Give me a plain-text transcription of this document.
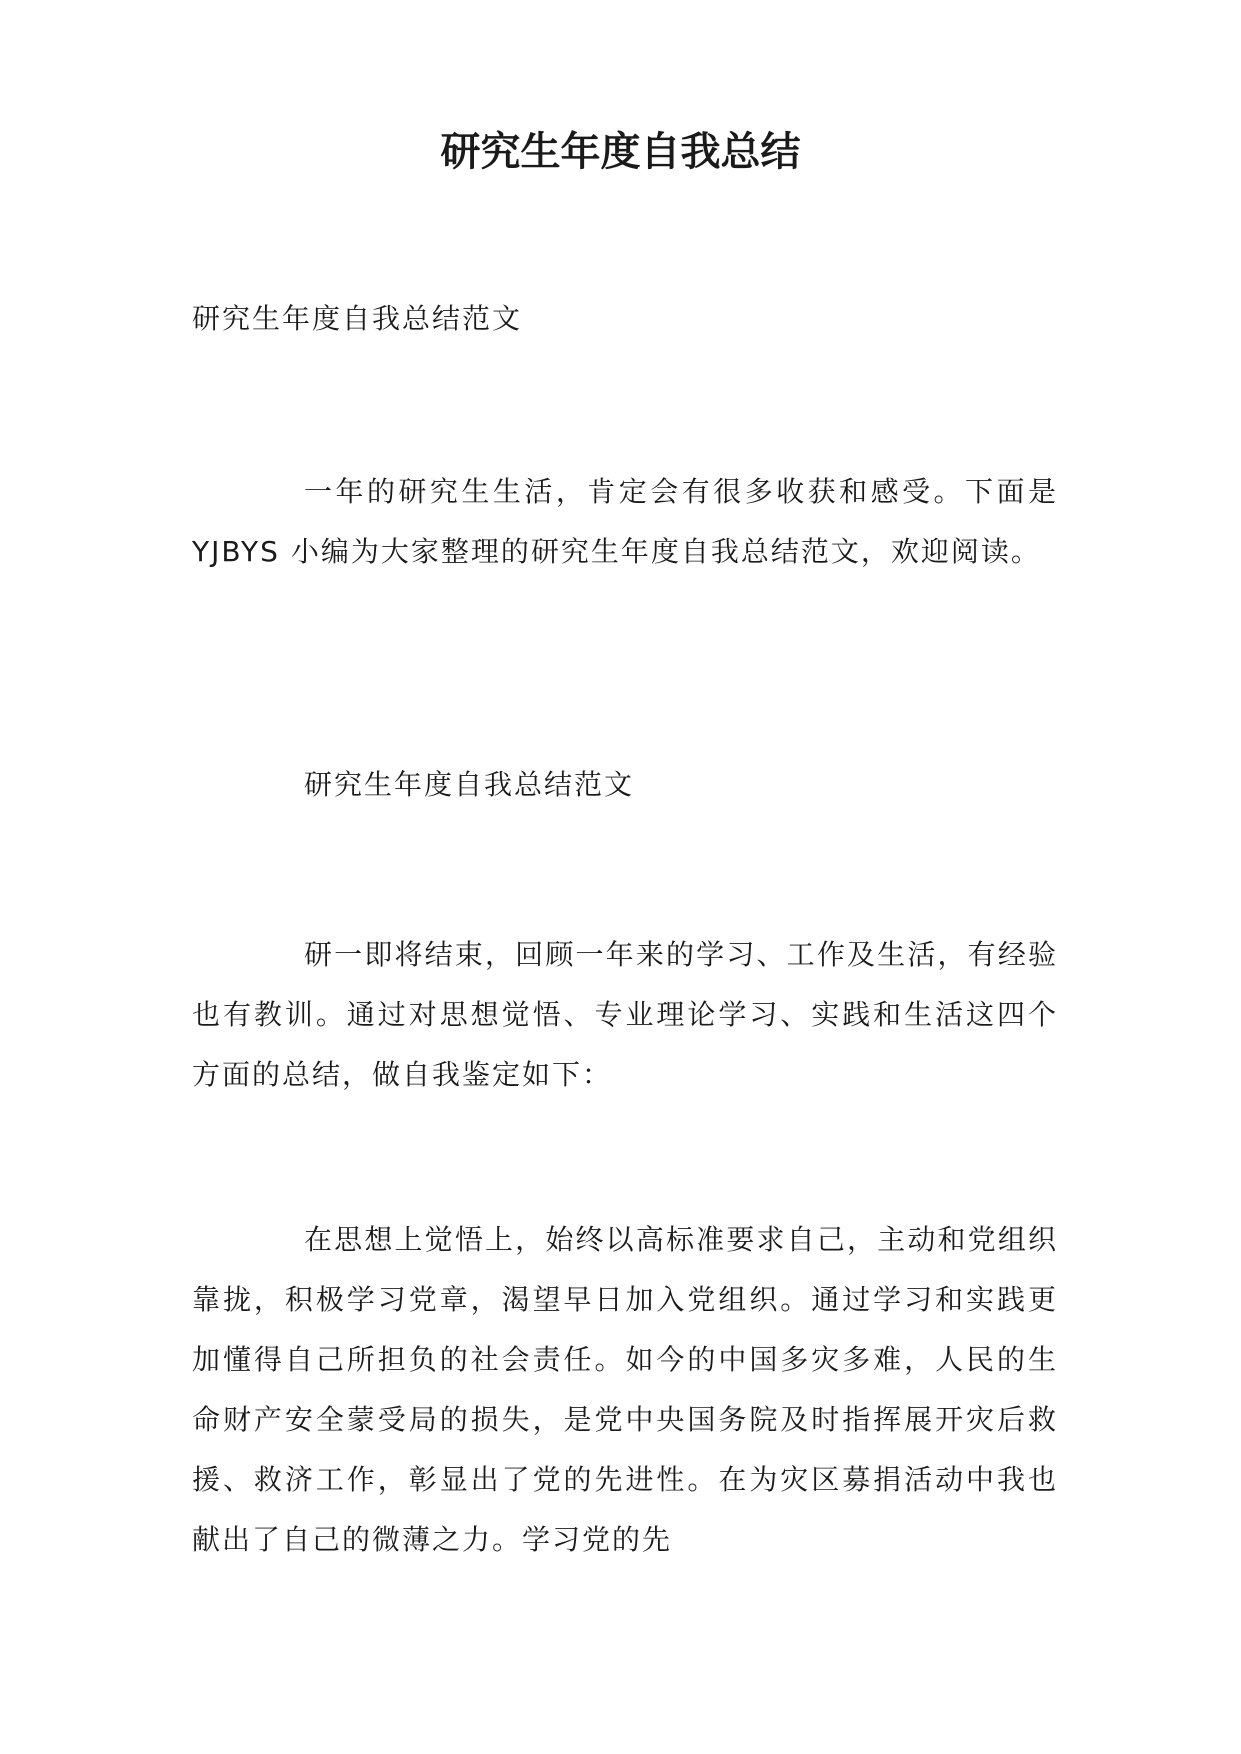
研究生年度自我总结

研究生年度自我总结范文

一年的研究生生活，肯定会有很多收获和感受。下面是 YJBYS 小编为大家整理的研究生年度自我总结范文，欢迎阅读。

研究生年度自我总结范文

研一即将结束，回顾一年来的学习、工作及生活，有经验也有教训。通过对思想觉悟、专业理论学习、实践和生活这四个方面的总结，做自我鉴定如下：

在思想上觉悟上，始终以高标准要求自己，主动和党组织靠拢，积极学习党章，渴望早日加入党组织。通过学习和实践更加懂得自己所担负的社会责任。如今的中国多灾多难，人民的生命财产安全蒙受局的损失，是党中央国务院及时指挥展开灾后救援、救济工作，彰显出了党的先进性。在为灾区募捐活动中我也献出了自己的微薄之力。学习党的先
